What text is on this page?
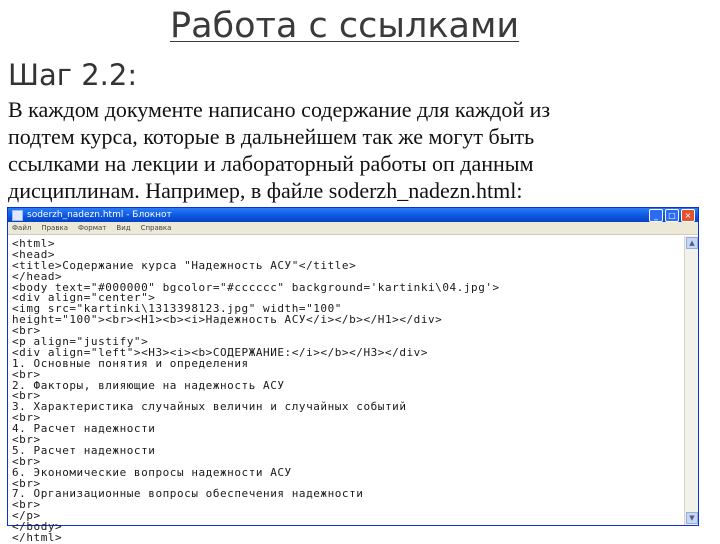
Работа с ссылками
Шаг 2.2:

В каждом документе написано содержание для каждой из

подтем курса, которые в дальнейшем так же могут быть

ссылками на лекции и лабораторный работы оп данным

дисциплинам. Например, в файле soderzh_nadezn.html:

soderzh_nadezn.html - Блокнот	_	□	×
Файл Правка Формат Вид Справка
<html>
<head>
<title>Содержание курса "Надежность АСУ"</title>
</head>
<body text="#000000" bgcolor="#cccccc" background='kartinki\04.jpg'>
<div align="center">
<img src="kartinki\1313398123.jpg" width="100"
height="100"><br><H1><b><i>Надежность АСУ</i></b></H1></div>
<br>
<p align="justify">
<div align="left"><H3><i><b>СОДЕРЖАНИЕ:</i></b></H3></div>
1. Основные понятия и определения
<br>
2. Факторы, влияющие на надежность АСУ
<br>
3. Характеристика случайных величин и случайных событий
<br>
4. Расчет надежности
<br>
5. Расчет надежности
<br>
6. Экономические вопросы надежности АСУ
<br>
7. Организационные вопросы обеспечения надежности
<br>
</p>
</body>
</html>
▲
▼
